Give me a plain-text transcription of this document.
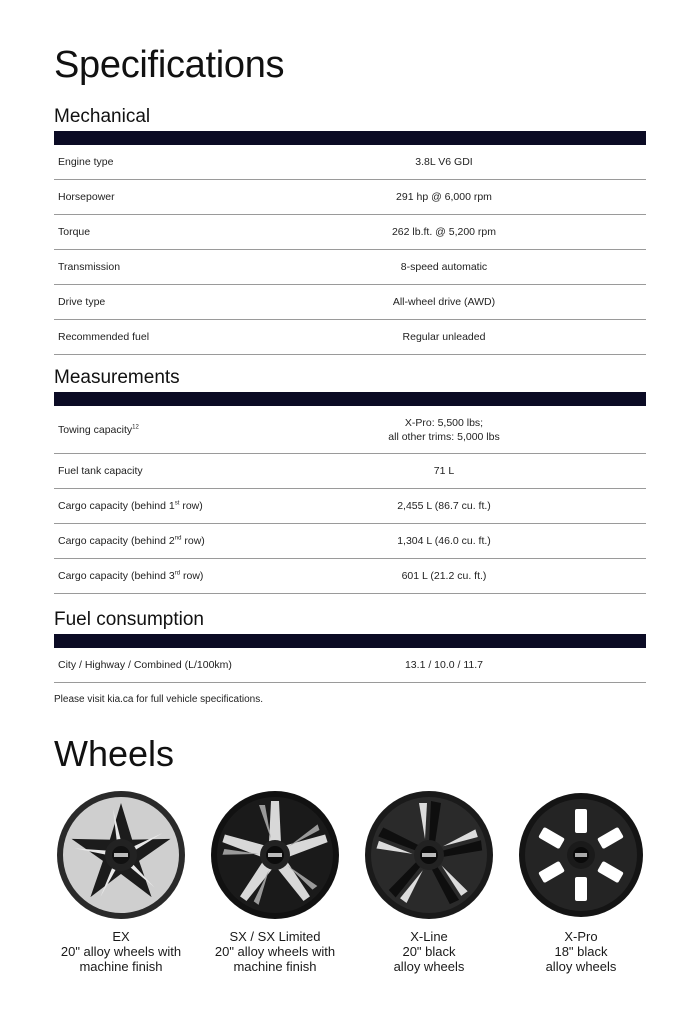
Specifications
Mechanical
Engine type	3.8L V6 GDI
Horsepower	291 hp @ 6,000 rpm
Torque	262 lb.ft. @ 5,200 rpm
Transmission	8-speed automatic
Drive type	All-wheel drive (AWD)
Recommended fuel	Regular unleaded
Measurements
Towing capacity$^{12}$	X-Pro: 5,500 lbs;
all other trims: 5,000 lbs
Fuel tank capacity	71 L
Cargo capacity (behind 1st row)	2,455 L (86.7 cu. ft.)
Cargo capacity (behind 2nd row)	1,304 L (46.0 cu. ft.)
Cargo capacity (behind 3rd row)	601 L (21.2 cu. ft.)
Fuel consumption
City / Highway / Combined (L/100km)	13.1 / 10.0 / 11.7
Please visit kia.ca for full vehicle specifications.
Wheels
EX
20" alloy wheels with
machine finish
SX / SX Limited
20" alloy wheels with
machine finish
X-Line
20" black
alloy wheels
X-Pro
18" black
alloy wheels
